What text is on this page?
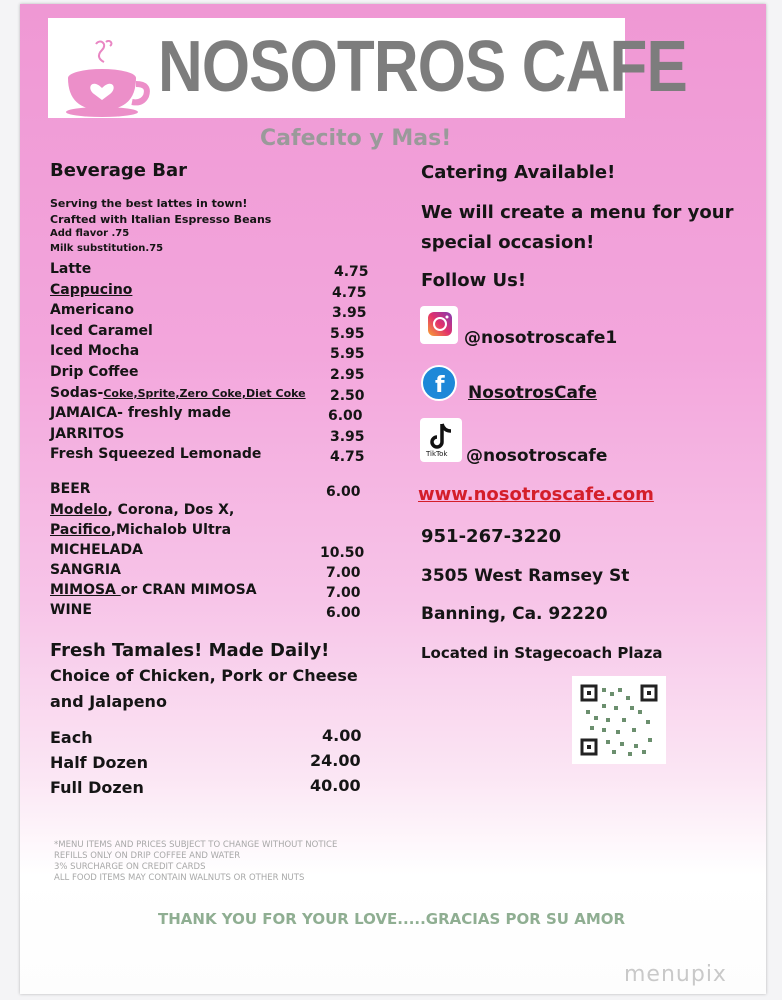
NOSOTROS CAFE
Cafecito y Mas!
Beverage Bar
Serving the best lattes in town!
Crafted with Italian Espresso Beans
Add flavor .75
Milk substitution.75
Latte	4.75
Cappucino	4.75
Americano	3.95
Iced Caramel	5.95
Iced Mocha	5.95
Drip Coffee	2.95
Sodas-Coke,Sprite,Zero Coke,Diet Coke 2.50
JAMAICA- freshly made	6.00
JARRITOS	3.95
Fresh Squeezed Lemonade	4.75
BEER	6.00
Modelo, Corona, Dos X,
Pacifico,Michalob Ultra
MICHELADA	10.50
SANGRIA	7.00
MIMOSA or CRAN MIMOSA	7.00
WINE	6.00
Fresh Tamales! Made Daily!
Choice of Chicken, Pork or Cheese
and Jalapeno
Each	4.00
Half Dozen	24.00
Full Dozen	40.00
Catering Available!
We will create a menu for your
special occasion!
Follow Us!
@nosotroscafe1
f NosotrosCafe
TikTok @nosotroscafe
www.nosotroscafe.com
951-267-3220
3505 West Ramsey St
Banning, Ca. 92220
Located in Stagecoach Plaza
*MENU ITEMS AND PRICES SUBJECT TO CHANGE WITHOUT NOTICE
REFILLS ONLY ON DRIP COFFEE AND WATER
3% SURCHARGE ON CREDIT CARDS
ALL FOOD ITEMS MAY CONTAIN WALNUTS OR OTHER NUTS
THANK YOU FOR YOUR LOVE.....GRACIAS POR SU AMOR
menupix
